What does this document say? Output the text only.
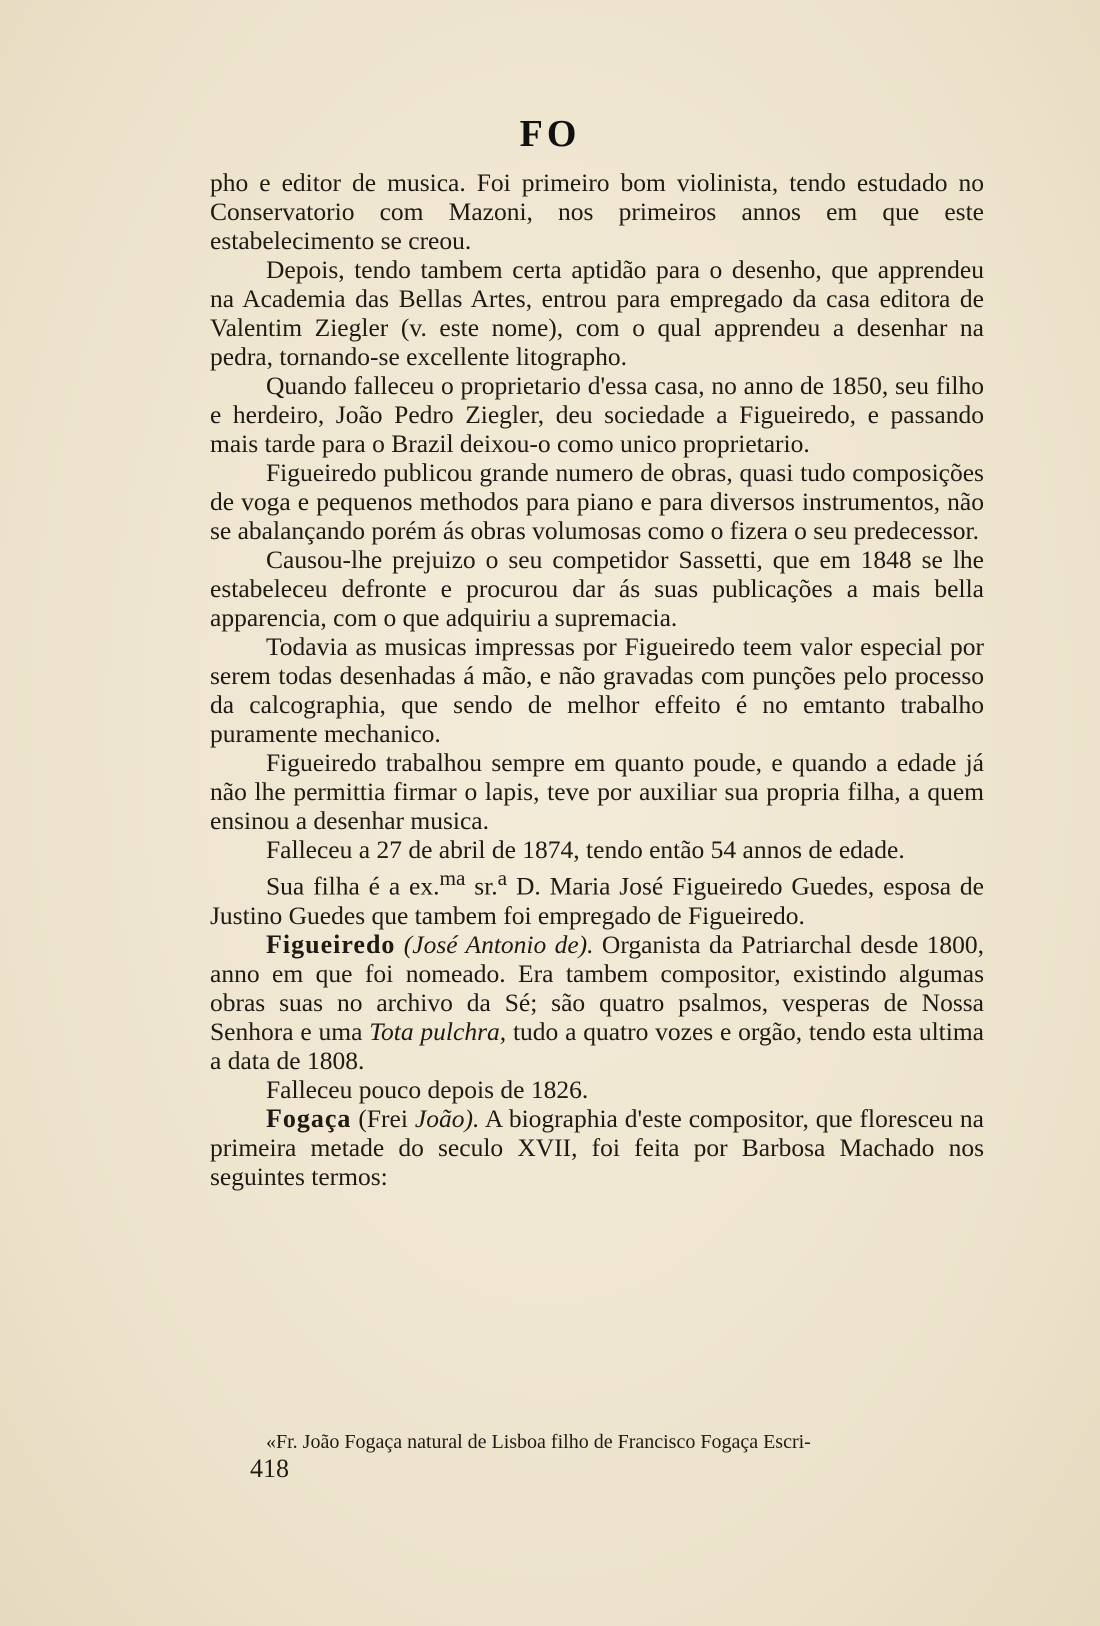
FO

pho e editor de musica. Foi primeiro bom violinista, tendo estudado no Conservatorio com Mazoni, nos primeiros annos em que este estabelecimento se creou.

Depois, tendo tambem certa aptidão para o desenho, que apprendeu na Academia das Bellas Artes, entrou para empregado da casa editora de Valentim Ziegler (v. este nome), com o qual apprendeu a desenhar na pedra, tornando-se excellente litographo.

Quando falleceu o proprietario d'essa casa, no anno de 1850, seu filho e herdeiro, João Pedro Ziegler, deu sociedade a Figueiredo, e passando mais tarde para o Brazil deixou-o como unico proprietario.

Figueiredo publicou grande numero de obras, quasi tudo composições de voga e pequenos methodos para piano e para diversos instrumentos, não se abalançando porém ás obras volumosas como o fizera o seu predecessor.

Causou-lhe prejuizo o seu competidor Sassetti, que em 1848 se lhe estabeleceu defronte e procurou dar ás suas publicações a mais bella apparencia, com o que adquiriu a supremacia.

Todavia as musicas impressas por Figueiredo teem valor especial por serem todas desenhadas á mão, e não gravadas com punções pelo processo da calcographia, que sendo de melhor effeito é no emtanto trabalho puramente mechanico.

Figueiredo trabalhou sempre em quanto poude, e quando a edade já não lhe permittia firmar o lapis, teve por auxiliar sua propria filha, a quem ensinou a desenhar musica.

Falleceu a 27 de abril de 1874, tendo então 54 annos de edade.

Sua filha é a ex.$^{ma}$ sr.$^a$ D. Maria José Figueiredo Guedes, esposa de Justino Guedes que tambem foi empregado de Figueiredo.

Figueiredo (José Antonio de). Organista da Patriarchal desde 1800, anno em que foi nomeado. Era tambem compositor, existindo algumas obras suas no archivo da Sé; são quatro psalmos, vesperas de Nossa Senhora e uma Tota pulchra, tudo a quatro vozes e orgão, tendo esta ultima a data de 1808.

Falleceu pouco depois de 1826.

Fogaça (Frei João). A biographia d'este compositor, que floresceu na primeira metade do seculo XVII, foi feita por Barbosa Machado nos seguintes termos:

«Fr. João Fogaça natural de Lisboa filho de Francisco Fogaça Escri-
418
